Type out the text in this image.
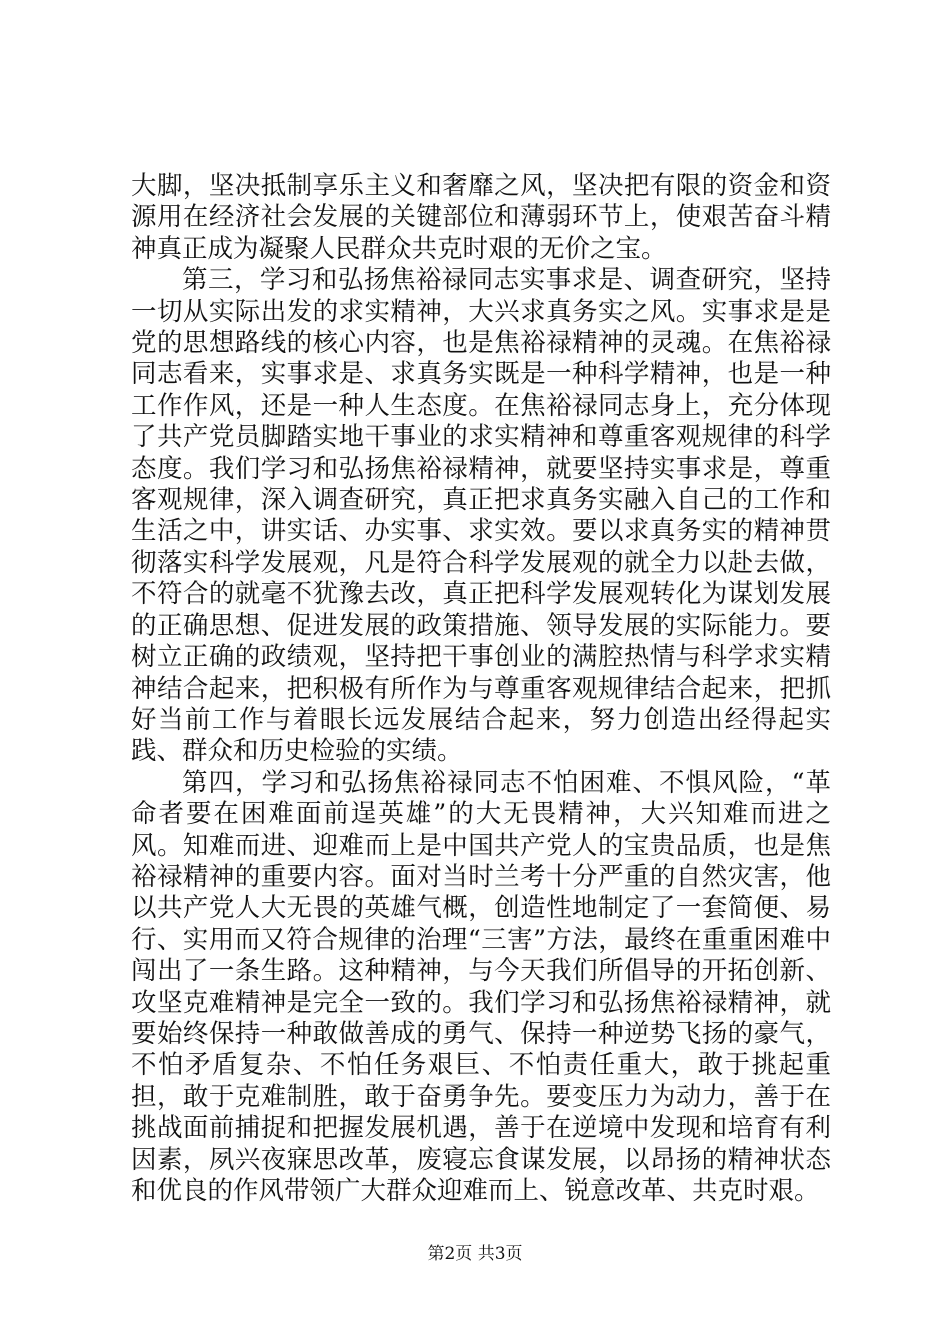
大脚，坚决抵制享乐主义和奢靡之风，坚决把有限的资金和资源用在经济社会发展的关键部位和薄弱环节上，使艰苦奋斗精神真正成为凝聚人民群众共克时艰的无价之宝。

第三，学习和弘扬焦裕禄同志实事求是、调查研究，坚持一切从实际出发的求实精神，大兴求真务实之风。实事求是是党的思想路线的核心内容，也是焦裕禄精神的灵魂。在焦裕禄同志看来，实事求是、求真务实既是一种科学精神，也是一种工作作风，还是一种人生态度。在焦裕禄同志身上，充分体现了共产党员脚踏实地干事业的求实精神和尊重客观规律的科学态度。我们学习和弘扬焦裕禄精神，就要坚持实事求是，尊重客观规律，深入调查研究，真正把求真务实融入自己的工作和生活之中，讲实话、办实事、求实效。要以求真务实的精神贯彻落实科学发展观，凡是符合科学发展观的就全力以赴去做，不符合的就毫不犹豫去改，真正把科学发展观转化为谋划发展的正确思想、促进发展的政策措施、领导发展的实际能力。要树立正确的政绩观，坚持把干事创业的满腔热情与科学求实精神结合起来，把积极有所作为与尊重客观规律结合起来，把抓好当前工作与着眼长远发展结合起来，努力创造出经得起实践、群众和历史检验的实绩。

第四，学习和弘扬焦裕禄同志不怕困难、不惧风险，“革命者要在困难面前逞英雄”的大无畏精神，大兴知难而进之风。知难而进、迎难而上是中国共产党人的宝贵品质，也是焦裕禄精神的重要内容。面对当时兰考十分严重的自然灾害，他以共产党人大无畏的英雄气概，创造性地制定了一套简便、易行、实用而又符合规律的治理“三害”方法，最终在重重困难中闯出了一条生路。这种精神，与今天我们所倡导的开拓创新、攻坚克难精神是完全一致的。我们学习和弘扬焦裕禄精神，就要始终保持一种敢做善成的勇气、保持一种逆势飞扬的豪气，不怕矛盾复杂、不怕任务艰巨、不怕责任重大，敢于挑起重担，敢于克难制胜，敢于奋勇争先。要变压力为动力，善于在挑战面前捕捉和把握发展机遇，善于在逆境中发现和培育有利因素，夙兴夜寐思改革，废寝忘食谋发展，以昂扬的精神状态和优良的作风带领广大群众迎难而上、锐意改革、共克时艰。

第2页 共3页
